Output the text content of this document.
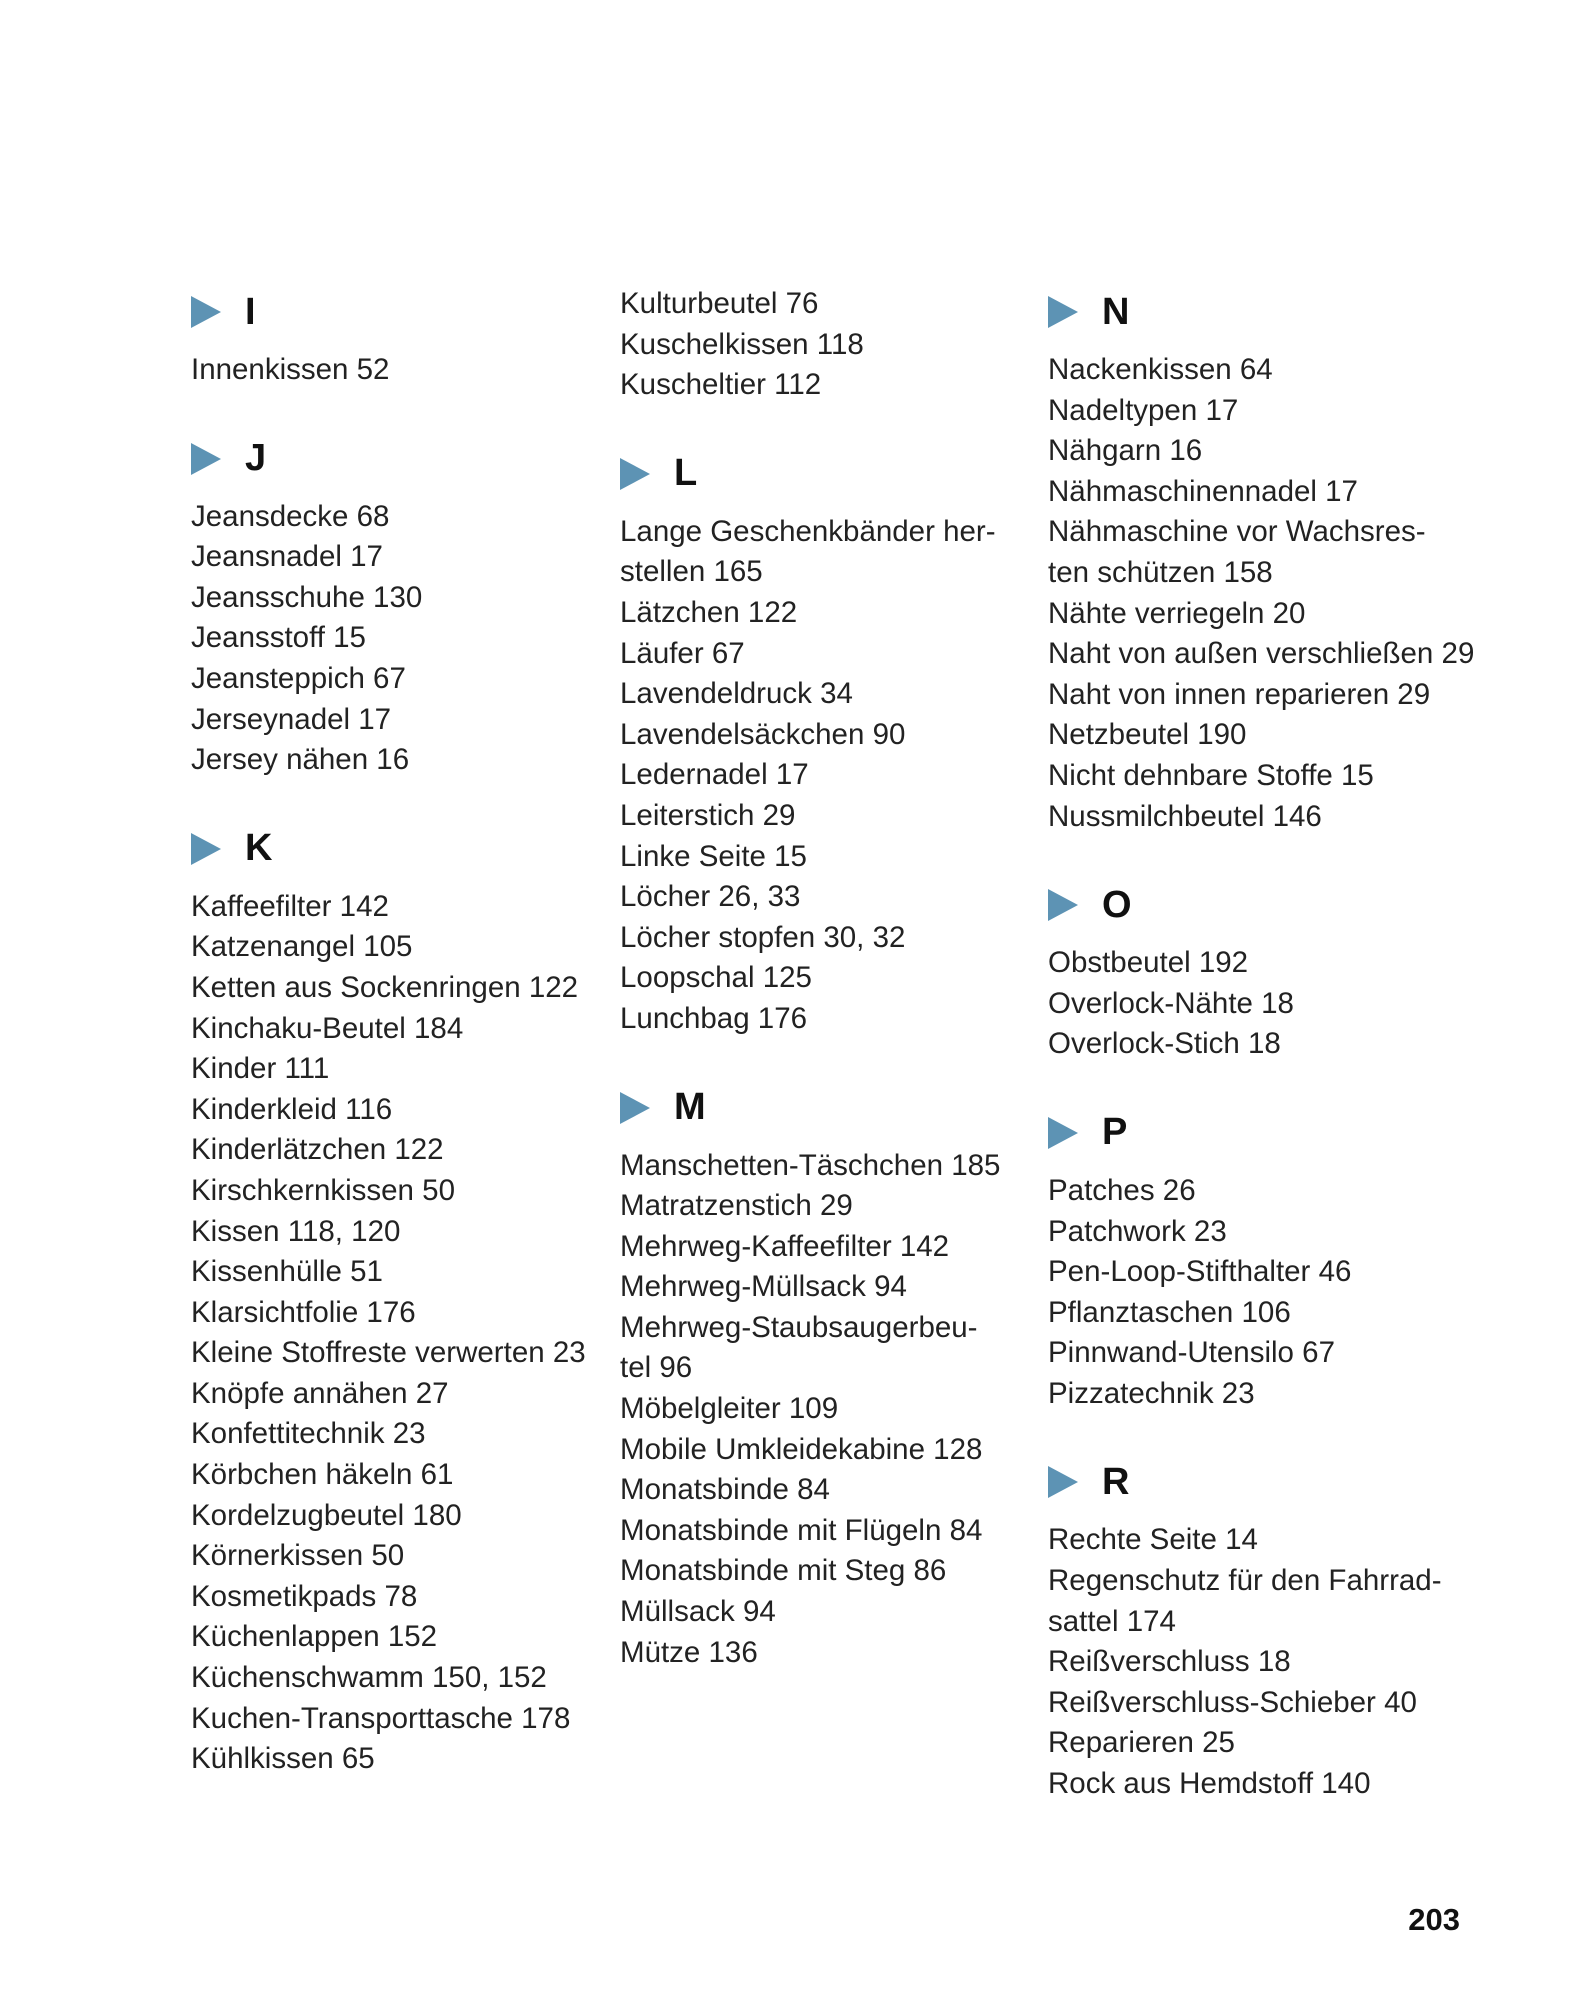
I
Innenkissen 52
J
Jeansdecke 68
Jeansnadel 17
Jeansschuhe 130
Jeansstoff 15
Jeansteppich 67
Jerseynadel 17
Jersey nähen 16
K
Kaffeefilter 142
Katzenangel 105
Ketten aus Sockenringen 122
Kinchaku-Beutel 184
Kinder 111
Kinderkleid 116
Kinderlätzchen 122
Kirschkernkissen 50
Kissen 118, 120
Kissenhülle 51
Klarsichtfolie 176
Kleine Stoffreste verwerten 23
Knöpfe annähen 27
Konfettitechnik 23
Körbchen häkeln 61
Kordelzugbeutel 180
Körnerkissen 50
Kosmetikpads 78
Küchenlappen 152
Küchenschwamm 150, 152
Kuchen-Transporttasche 178
Kühlkissen 65
Kulturbeutel 76
Kuschelkissen 118
Kuscheltier 112
L
Lange Geschenkbänder her-
stellen 165
Lätzchen 122
Läufer 67
Lavendeldruck 34
Lavendelsäckchen 90
Ledernadel 17
Leiterstich 29
Linke Seite 15
Löcher 26, 33
Löcher stopfen 30, 32
Loopschal 125
Lunchbag 176
M
Manschetten-Täschchen 185
Matratzenstich 29
Mehrweg-Kaffeefilter 142
Mehrweg-Müllsack 94
Mehrweg-Staubsaugerbeu-
tel 96
Möbelgleiter 109
Mobile Umkleidekabine 128
Monatsbinde 84
Monatsbinde mit Flügeln 84
Monatsbinde mit Steg 86
Müllsack 94
Mütze 136
N
Nackenkissen 64
Nadeltypen 17
Nähgarn 16
Nähmaschinennadel 17
Nähmaschine vor Wachsres-
ten schützen 158
Nähte verriegeln 20
Naht von außen verschließen 29
Naht von innen reparieren 29
Netzbeutel 190
Nicht dehnbare Stoffe 15
Nussmilchbeutel 146
O
Obstbeutel 192
Overlock-Nähte 18
Overlock-Stich 18
P
Patches 26
Patchwork 23
Pen-Loop-Stifthalter 46
Pflanztaschen 106
Pinnwand-Utensilo 67
Pizzatechnik 23
R
Rechte Seite 14
Regenschutz für den Fahrrad-
sattel 174
Reißverschluss 18
Reißverschluss-Schieber 40
Reparieren 25
Rock aus Hemdstoff 140
203
